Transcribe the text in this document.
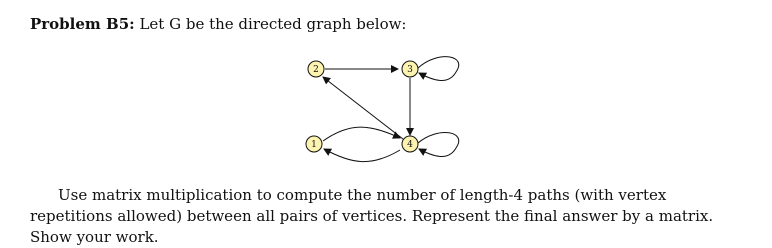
Problem B5: Let G be the directed graph below:
1
2	3
4
Use matrix multiplication to compute the number of length-4 paths (with vertex repetitions allowed) between all pairs of vertices. Represent the final answer by a matrix. Show your work.
